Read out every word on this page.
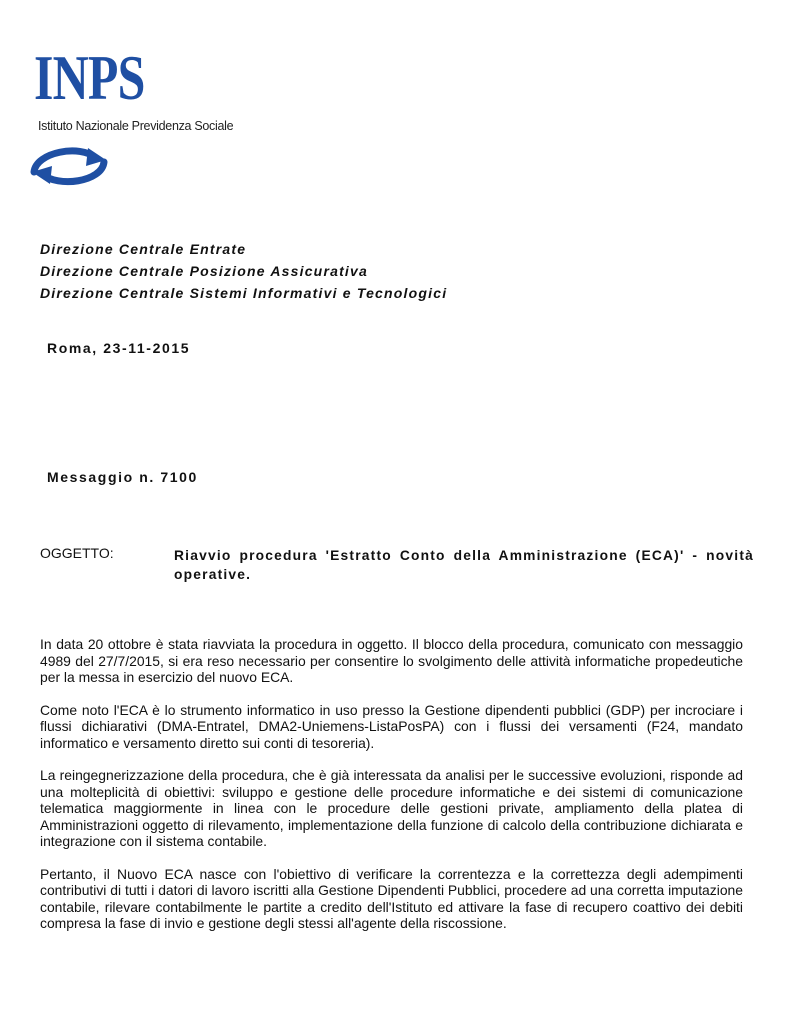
INPS
Istituto Nazionale Previdenza Sociale
Direzione Centrale Entrate
Direzione Centrale Posizione Assicurativa
Direzione Centrale Sistemi Informativi e Tecnologici
Roma, 23-11-2015
Messaggio n. 7100
OGGETTO:	Riavvio procedura 'Estratto Conto della Amministrazione (ECA)' - novità operative.

In data 20 ottobre è stata riavviata la procedura in oggetto. Il blocco della procedura, comunicato con messaggio 4989 del 27/7/2015, si era reso necessario per consentire lo svolgimento delle attività informatiche propedeutiche per la messa in esercizio del nuovo ECA.

Come noto l'ECA è lo strumento informatico in uso presso la Gestione dipendenti pubblici (GDP) per incrociare i flussi dichiarativi (DMA-Entratel, DMA2-Uniemens-ListaPosPA) con i flussi dei versamenti (F24, mandato informatico e versamento diretto sui conti di tesoreria).

La reingegnerizzazione della procedura, che è già interessata da analisi per le successive evoluzioni, risponde ad una molteplicità di obiettivi: sviluppo e gestione delle procedure informatiche e dei sistemi di comunicazione telematica maggiormente in linea con le procedure delle gestioni private, ampliamento della platea di Amministrazioni oggetto di rilevamento, implementazione della funzione di calcolo della contribuzione dichiarata e integrazione con il sistema contabile.

Pertanto, il Nuovo ECA nasce con l'obiettivo di verificare la correntezza e la correttezza degli adempimenti contributivi di tutti i datori di lavoro iscritti alla Gestione Dipendenti Pubblici, procedere ad una corretta imputazione contabile, rilevare contabilmente le partite a credito dell'Istituto ed attivare la fase di recupero coattivo dei debiti compresa la fase di invio e gestione degli stessi all'agente della riscossione.
